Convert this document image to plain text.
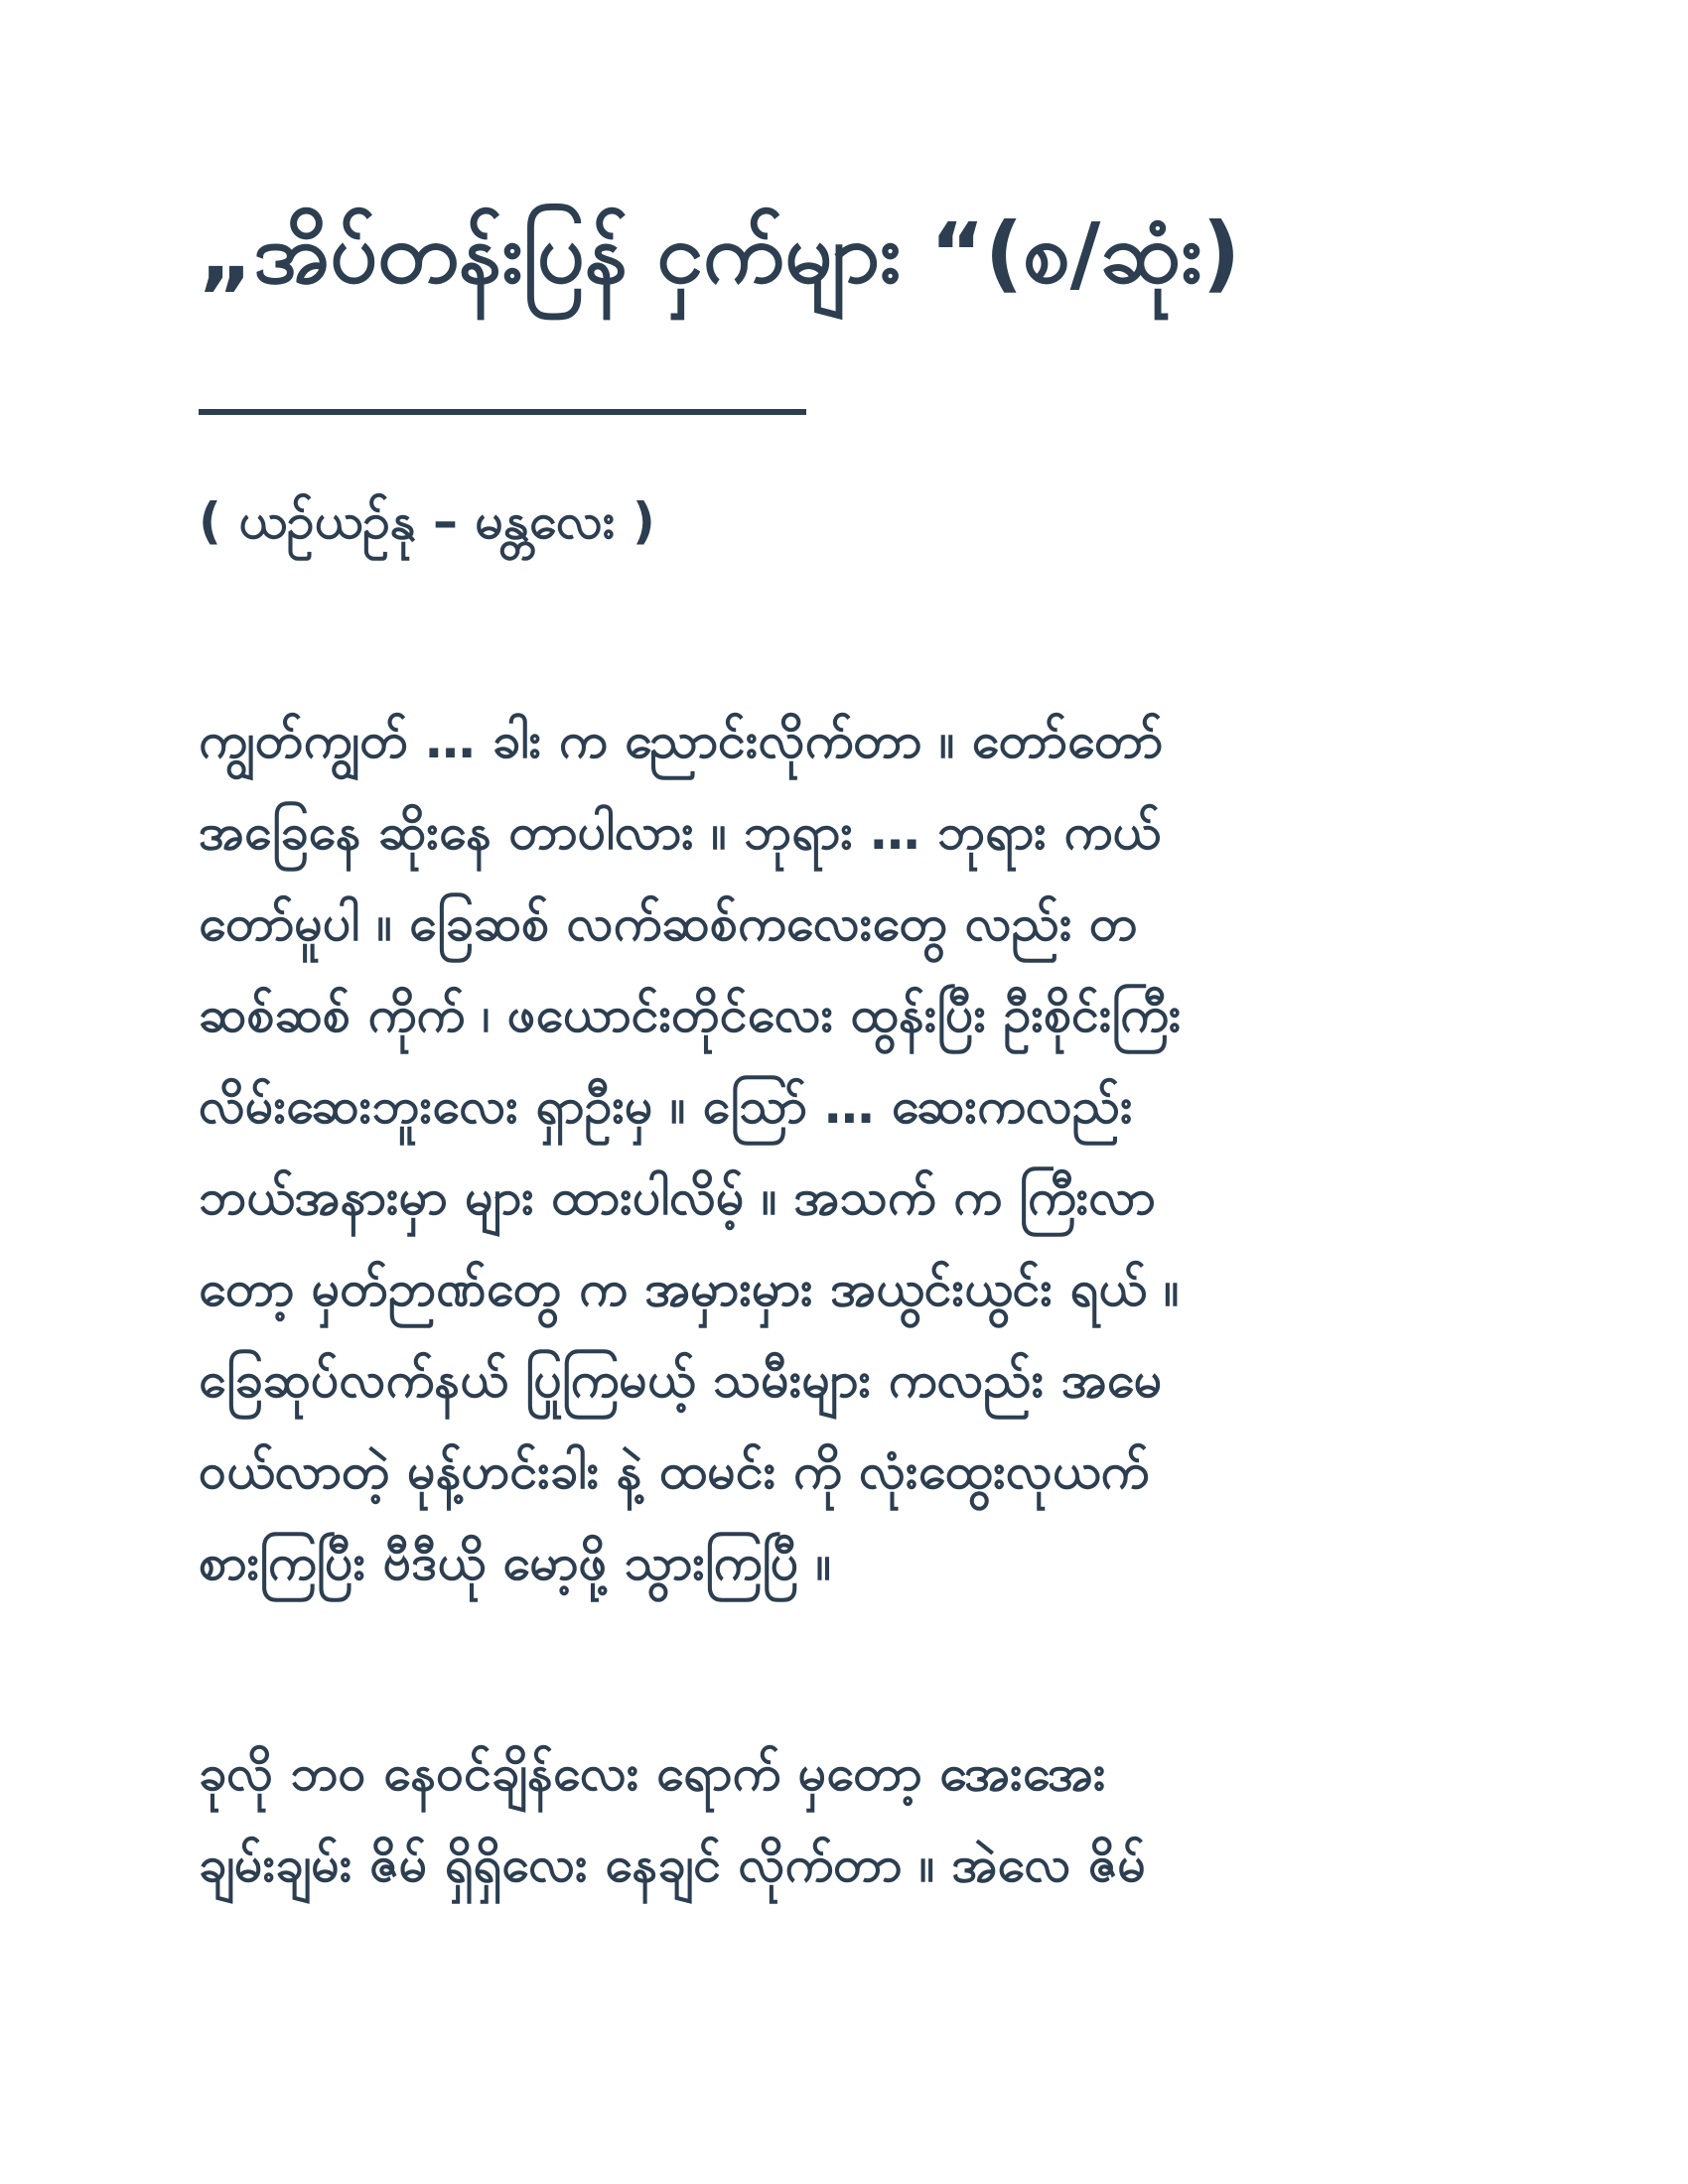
„အိပ်တန်းပြန် ငှက်များ “(စ/ဆုံး)

( ယဉ်ယဉ်နု – မန္တလေး )

ကျွတ်ကျွတ် … ခါး က ညောင်းလိုက်တာ ။ တော်တော်
အခြေနေ ဆိုးနေ တာပါလား ။ ဘုရား … ဘုရား ကယ်
တော်မူပါ ။ ခြေဆစ် လက်ဆစ်ကလေးတွေ လည်း တ
ဆစ်ဆစ် ကိုက် ၊ ဖယောင်းတိုင်လေး ထွန်းပြီး ဦးစိုင်းကြီး
လိမ်းဆေးဘူးလေး ရှာဦးမှ ။ သြော် … ဆေးကလည်း
ဘယ်အနားမှာ များ ထားပါလိမ့် ။ အသက် က ကြီးလာ
တော့ မှတ်ဉာဏ်တွေ က အမှားမှား အယွင်းယွင်း ရယ် ။
ခြေဆုပ်လက်နယ် ပြုကြမယ့် သမီးများ ကလည်း အမေ
ဝယ်လာတဲ့ မုန့်ဟင်းခါး နဲ့ ထမင်း ကို လုံးထွေးလုယက်
စားကြပြီး ဗီဒီယို မော့ဖို့ သွားကြပြီ ။
ခုလို ဘ၀ နေဝင်ချိန်လေး ရောက် မှတော့ အေးအေး
ချမ်းချမ်း ဇိမ် ရှိရှိလေး နေချင် လိုက်တာ ။ အဲလေ ဇိမ်
